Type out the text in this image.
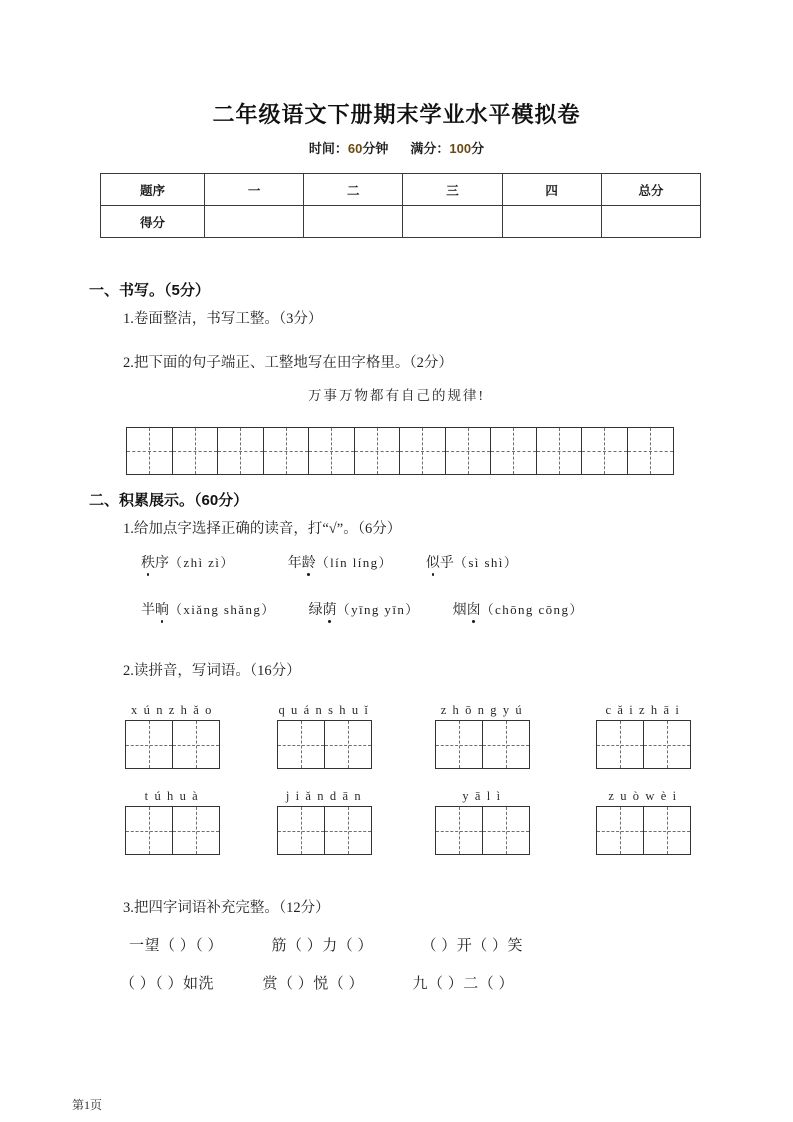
二年级语文下册期末学业水平模拟卷
时间：60分钟 满分：100分
题序	一	二	三	四	总分
得分					
一、书写。（5分）
1.卷面整洁，书写工整。（3分）
2.把下面的句子端正、工整地写在田字格里。（2分）
万事万物都有自己的规律!
二、积累展示。（60分）
1.给加点字选择正确的读音，打“√”。（6分）
秩序（zhì zì）	年龄（lín líng） 似乎（sì shì）
半晌（xiǎng shǎng） 绿荫（yīng yīn） 烟囱（chōng cōng）
2.读拼音，写词语。（16分）
x ú n z h ǎ o	q u á n s h u ǐ	z h ō n g y ú	c ǎ i z h ā i
t ú h u à	j i ǎ n d ā n	y ā l ì	z u ò w è i
3.把四字词语补充完整。（12分）
一望（ ）（ ）	筋（ ）力（ ）	（ ）开（ ）笑
（ ）（ ）如洗	赏（ ）悦（ ）	九（ ）二（ ）
第1页
